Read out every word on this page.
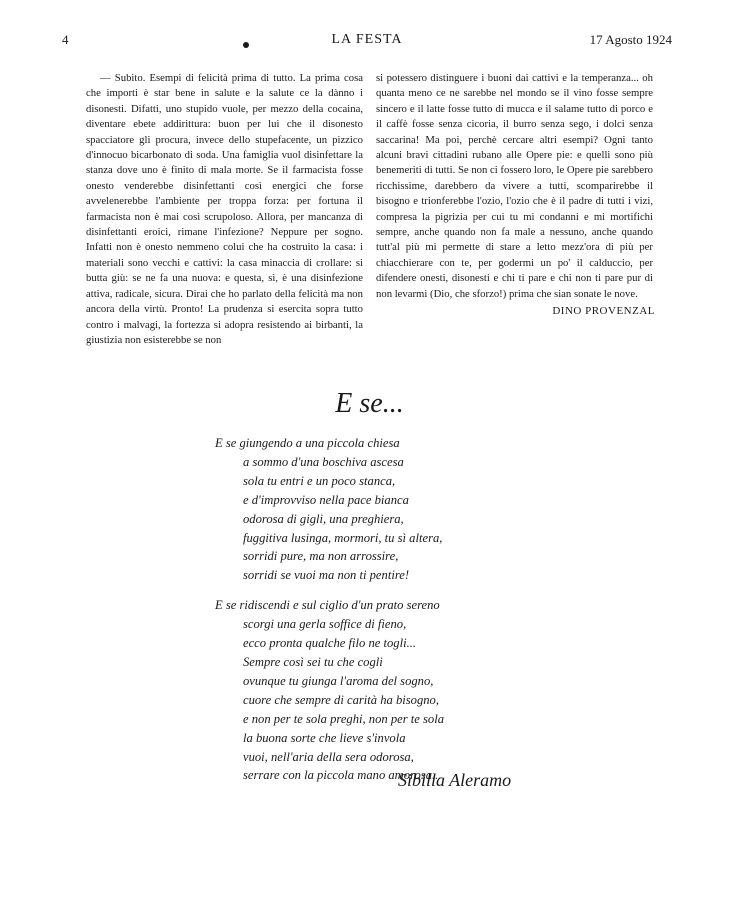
4	LA FESTA	17 Agosto 1924

— Subito. Esempi di felicità prima di tutto. La prima cosa che importi è star bene in salute e la salute ce la dànno i disonesti. Difatti, uno stupido vuole, per mezzo della cocaina, diventare ebete addirittura: buon per lui che il disonesto spacciatore gli procura, invece dello stupefacente, un pizzico d'innocuo bicarbonato di soda. Una famiglia vuol disinfettare la stanza dove uno è finito di mala morte. Se il farmacista fosse onesto venderebbe disinfettanti così energici che forse avvelenerebbe l'ambiente per troppa forza: per fortuna il farmacista non è mai così scrupoloso. Allora, per mancanza di disinfettanti eroici, rimane l'infezione? Neppure per sogno. Infatti non è onesto nemmeno colui che ha costruito la casa: i materiali sono vecchi e cattivi: la casa minaccia di crollare: si butta giù: se ne fa una nuova: e questa, sì, è una disinfezione attiva, radicale, sicura. Dirai che ho parlato della felicità ma non ancora della virtù. Pronto! La prudenza si esercita sopra tutto contro i malvagi, la fortezza si adopra resistendo ai birbanti, la giustizia non esisterebbe se non

si potessero distinguere i buoni dai cattivi e la temperanza... oh quanta meno ce ne sarebbe nel mondo se il vino fosse sempre sincero e il latte fosse tutto di mucca e il salame tutto di porco e il caffè fosse senza cicoria, il burro senza sego, i dolci senza saccarina! Ma poi, perchè cercare altri esempi? Ogni tanto alcuni bravi cittadini rubano alle Opere pie: e quelli sono più benemeriti di tutti. Se non ci fossero loro, le Opere pie sarebbero ricchissime, darebbero da vivere a tutti, scomparirebbe il bisogno e trionferebbe l'ozio, l'ozio che è il padre di tutti i vizi, compresa la pigrizia per cui tu mi condanni e mi mortifichi sempre, anche quando non fa male a nessuno, anche quando tutt'al più mi permette di stare a letto mezz'ora di più per chiacchierare con te, per godermi un po' il calduccio, per difendere onesti, disonesti e chi ti pare e chi non ti pare pur di non levarmi (Dio, che sforzo!) prima che sian sonate le nove.

DINO PROVENZAL
E se...
E se giungendo a una piccola chiesa
a sommo d'una boschiva ascesa
sola tu entri e un poco stanca,
e d'improvviso nella pace bianca
odorosa di gigli, una preghiera,
fuggitiva lusinga, mormori, tu sì altera,
sorridi pure, ma non arrossire,
sorridi se vuoi ma non ti pentire!
E se ridiscendi e sul ciglio d'un prato sereno
scorgi una gerla soffice di fieno,
ecco pronta qualche filo ne togli...
Sempre così sei tu che cogli
ovunque tu giunga l'aroma del sogno,
cuore che sempre di carità ha bisogno,
e non per te sola preghi, non per te sola
la buona sorte che lieve s'invola
vuoi, nell'aria della sera odorosa,
serrare con la piccola mano amorosa...
Sibilla Aleramo
